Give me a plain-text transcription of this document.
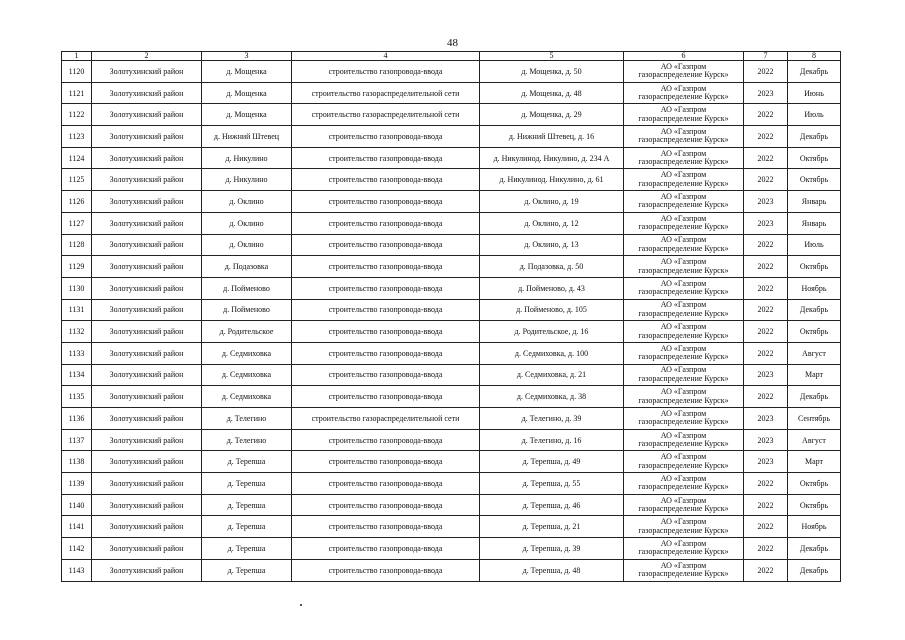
48
1	2	3	4	5	6	7	8
1120	Золотухинский район	д. Мощенка	строительство газопровода-ввода	д. Мощенка, д. 50	АО «Газпром
газораспределение Курск»	2022	Декабрь
1121	Золотухинский район	д. Мощенка	строительство газораспределительной сети	д. Мощенка, д. 48	АО «Газпром
газораспределение Курск»	2023	Июнь
1122	Золотухинский район	д. Мощенка	строительство газораспределительной сети	д. Мощенка, д. 29	АО «Газпром
газораспределение Курск»	2022	Июль
1123	Золотухинский район	д. Нижний Штевец	строительство газопровода-ввода	д. Нижний Штевец, д. 16	АО «Газпром
газораспределение Курск»	2022	Декабрь
1124	Золотухинский район	д. Никулино	строительство газопровода-ввода	д. Никулинод. Никулино, д. 234 А	АО «Газпром
газораспределение Курск»	2022	Октябрь
1125	Золотухинский район	д. Никулино	строительство газопровода-ввода	д. Никулинод. Никулино, д. 61	АО «Газпром
газораспределение Курск»	2022	Октябрь
1126	Золотухинский район	д. Оклино	строительство газопровода-ввода	д. Оклино, д. 19	АО «Газпром
газораспределение Курск»	2023	Январь
1127	Золотухинский район	д. Оклино	строительство газопровода-ввода	д. Оклино, д. 12	АО «Газпром
газораспределение Курск»	2023	Январь
1128	Золотухинский район	д. Оклино	строительство газопровода-ввода	д. Оклино, д. 13	АО «Газпром
газораспределение Курск»	2022	Июль
1129	Золотухинский район	д. Подазовка	строительство газопровода-ввода	д. Подазовка, д. 50	АО «Газпром
газораспределение Курск»	2022	Октябрь
1130	Золотухинский район	д. Пойменово	строительство газопровода-ввода	д. Пойменово, д. 43	АО «Газпром
газораспределение Курск»	2022	Ноябрь
1131	Золотухинский район	д. Пойменово	строительство газопровода-ввода	д. Пойменово, д. 105	АО «Газпром
газораспределение Курск»	2022	Декабрь
1132	Золотухинский район	д. Родительское	строительство газопровода-ввода	д. Родительское, д. 16	АО «Газпром
газораспределение Курск»	2022	Октябрь
1133	Золотухинский район	д. Седмиховка	строительство газопровода-ввода	д. Седмиховка, д. 100	АО «Газпром
газораспределение Курск»	2022	Август
1134	Золотухинский район	д. Седмиховка	строительство газопровода-ввода	д. Седмиховка, д. 21	АО «Газпром
газораспределение Курск»	2023	Март
1135	Золотухинский район	д. Седмиховка	строительство газопровода-ввода	д. Седмиховка, д. 38	АО «Газпром
газораспределение Курск»	2022	Декабрь
1136	Золотухинский район	д. Телегино	строительство газораспределительной сети	д. Телегино, д. 39	АО «Газпром
газораспределение Курск»	2023	Сентябрь
1137	Золотухинский район	д. Телегино	строительство газопровода-ввода	д. Телегино, д. 16	АО «Газпром
газораспределение Курск»	2023	Август
1138	Золотухинский район	д. Терепша	строительство газопровода-ввода	д. Терепша, д. 49	АО «Газпром
газораспределение Курск»	2023	Март
1139	Золотухинский район	д. Терепша	строительство газопровода-ввода	д. Терепша, д. 55	АО «Газпром
газораспределение Курск»	2022	Октябрь
1140	Золотухинский район	д. Терепша	строительство газопровода-ввода	д. Терепша, д. 46	АО «Газпром
газораспределение Курск»	2022	Октябрь
1141	Золотухинский район	д. Терепша	строительство газопровода-ввода	д. Терепша, д. 21	АО «Газпром
газораспределение Курск»	2022	Ноябрь
1142	Золотухинский район	д. Терепша	строительство газопровода-ввода	д. Терепша, д. 39	АО «Газпром
газораспределение Курск»	2022	Декабрь
1143	Золотухинский район	д. Терепша	строительство газопровода-ввода	д. Терепша, д. 48	АО «Газпром
газораспределение Курск»	2022	Декабрь
